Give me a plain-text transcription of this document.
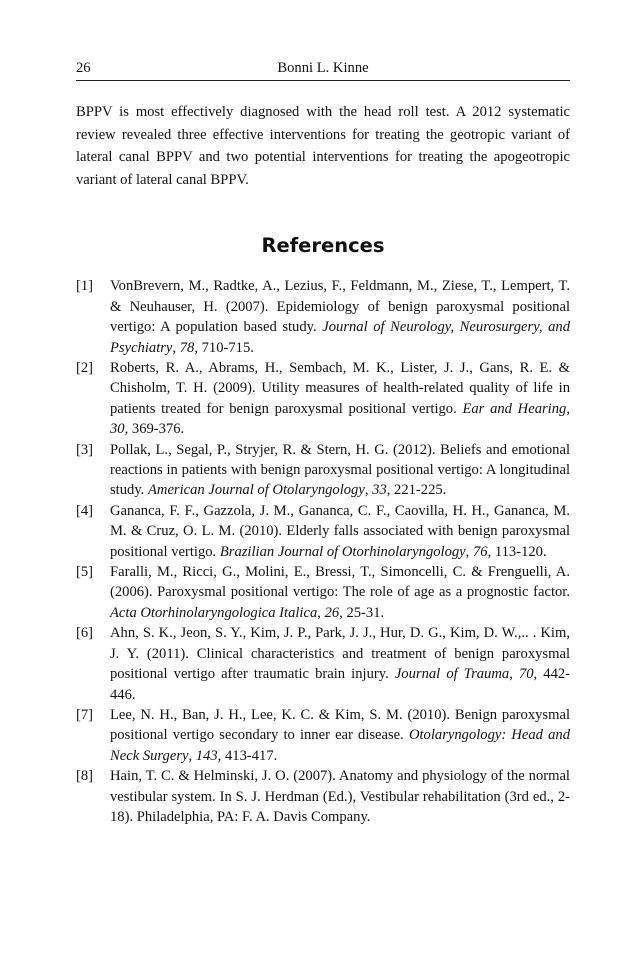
26	Bonni L. Kinne

BPPV is most effectively diagnosed with the head roll test. A 2012 systematic review revealed three effective interventions for treating the geotropic variant of lateral canal BPPV and two potential interventions for treating the apogeotropic variant of lateral canal BPPV.

References
[1] VonBrevern, M., Radtke, A., Lezius, F., Feldmann, M., Ziese, T., Lempert, T. & Neuhauser, H. (2007). Epidemiology of benign paroxysmal positional vertigo: A population based study. Journal of Neurology, Neurosurgery, and Psychiatry, 78, 710-715.
[2] Roberts, R. A., Abrams, H., Sembach, M. K., Lister, J. J., Gans, R. E. & Chisholm, T. H. (2009). Utility measures of health-related quality of life in patients treated for benign paroxysmal positional vertigo. Ear and Hearing, 30, 369-376.
[3] Pollak, L., Segal, P., Stryjer, R. & Stern, H. G. (2012). Beliefs and emotional reactions in patients with benign paroxysmal positional vertigo: A longitudinal study. American Journal of Otolaryngology, 33, 221-225.
[4] Gananca, F. F., Gazzola, J. M., Gananca, C. F., Caovilla, H. H., Gananca, M. M. & Cruz, O. L. M. (2010). Elderly falls associated with benign paroxysmal positional vertigo. Brazilian Journal of Otorhinolaryngology, 76, 113-120.
[5] Faralli, M., Ricci, G., Molini, E., Bressi, T., Simoncelli, C. & Frenguelli, A. (2006). Paroxysmal positional vertigo: The role of age as a prognostic factor. Acta Otorhinolaryngologica Italica, 26, 25-31.
[6] Ahn, S. K., Jeon, S. Y., Kim, J. P., Park, J. J., Hur, D. G., Kim, D. W.,.. . Kim, J. Y. (2011). Clinical characteristics and treatment of benign paroxysmal positional vertigo after traumatic brain injury. Journal of Trauma, 70, 442-446.
[7] Lee, N. H., Ban, J. H., Lee, K. C. & Kim, S. M. (2010). Benign paroxysmal positional vertigo secondary to inner ear disease. Otolaryngology: Head and Neck Surgery, 143, 413-417.
[8] Hain, T. C. & Helminski, J. O. (2007). Anatomy and physiology of the normal vestibular system. In S. J. Herdman (Ed.), Vestibular rehabilitation (3rd ed., 2-18). Philadelphia, PA: F. A. Davis Company.
